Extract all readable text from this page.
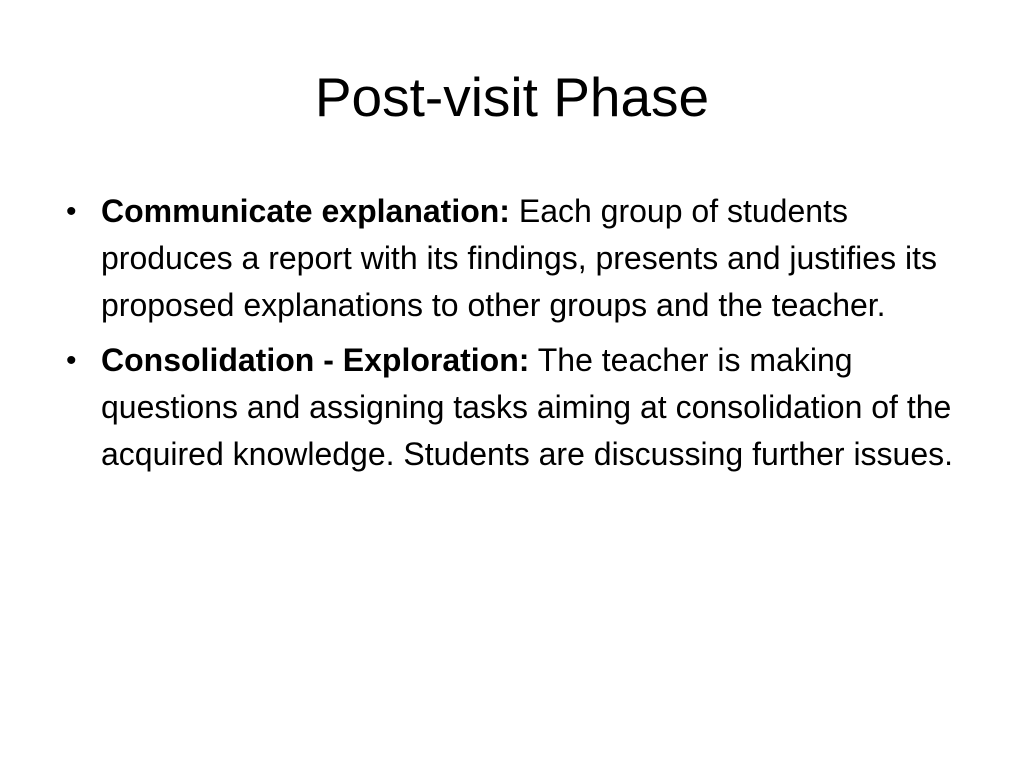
Post-visit Phase
• Communicate explanation: Each group of students produces a report with its findings, presents and justifies its proposed explanations to other groups and the teacher.
• Consolidation - Exploration: The teacher is making questions and assigning tasks aiming at consolidation of the acquired knowledge. Students are discussing further issues.
